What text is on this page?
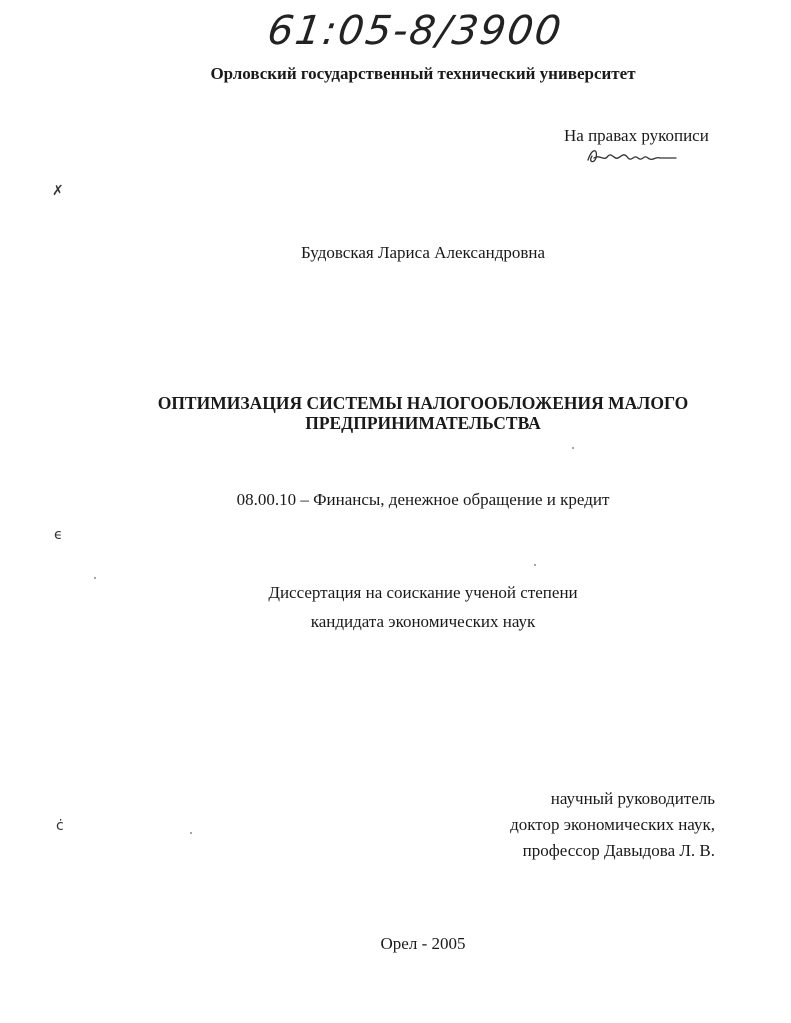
61:05-8/3900
Орловский государственный технический университет
На правах рукописи
Будовская Лариса Александровна
ОПТИМИЗАЦИЯ СИСТЕМЫ НАЛОГООБЛОЖЕНИЯ МАЛОГО
ПРЕДПРИНИМАТЕЛЬСТВА
08.00.10 – Финансы, денежное обращение и кредит
Диссертация на соискание ученой степени
кандидата экономических наук
научный руководитель
доктор экономических наук,
профессор Давыдова Л. В.
Орел - 2005
✗
ϵ
ċ
